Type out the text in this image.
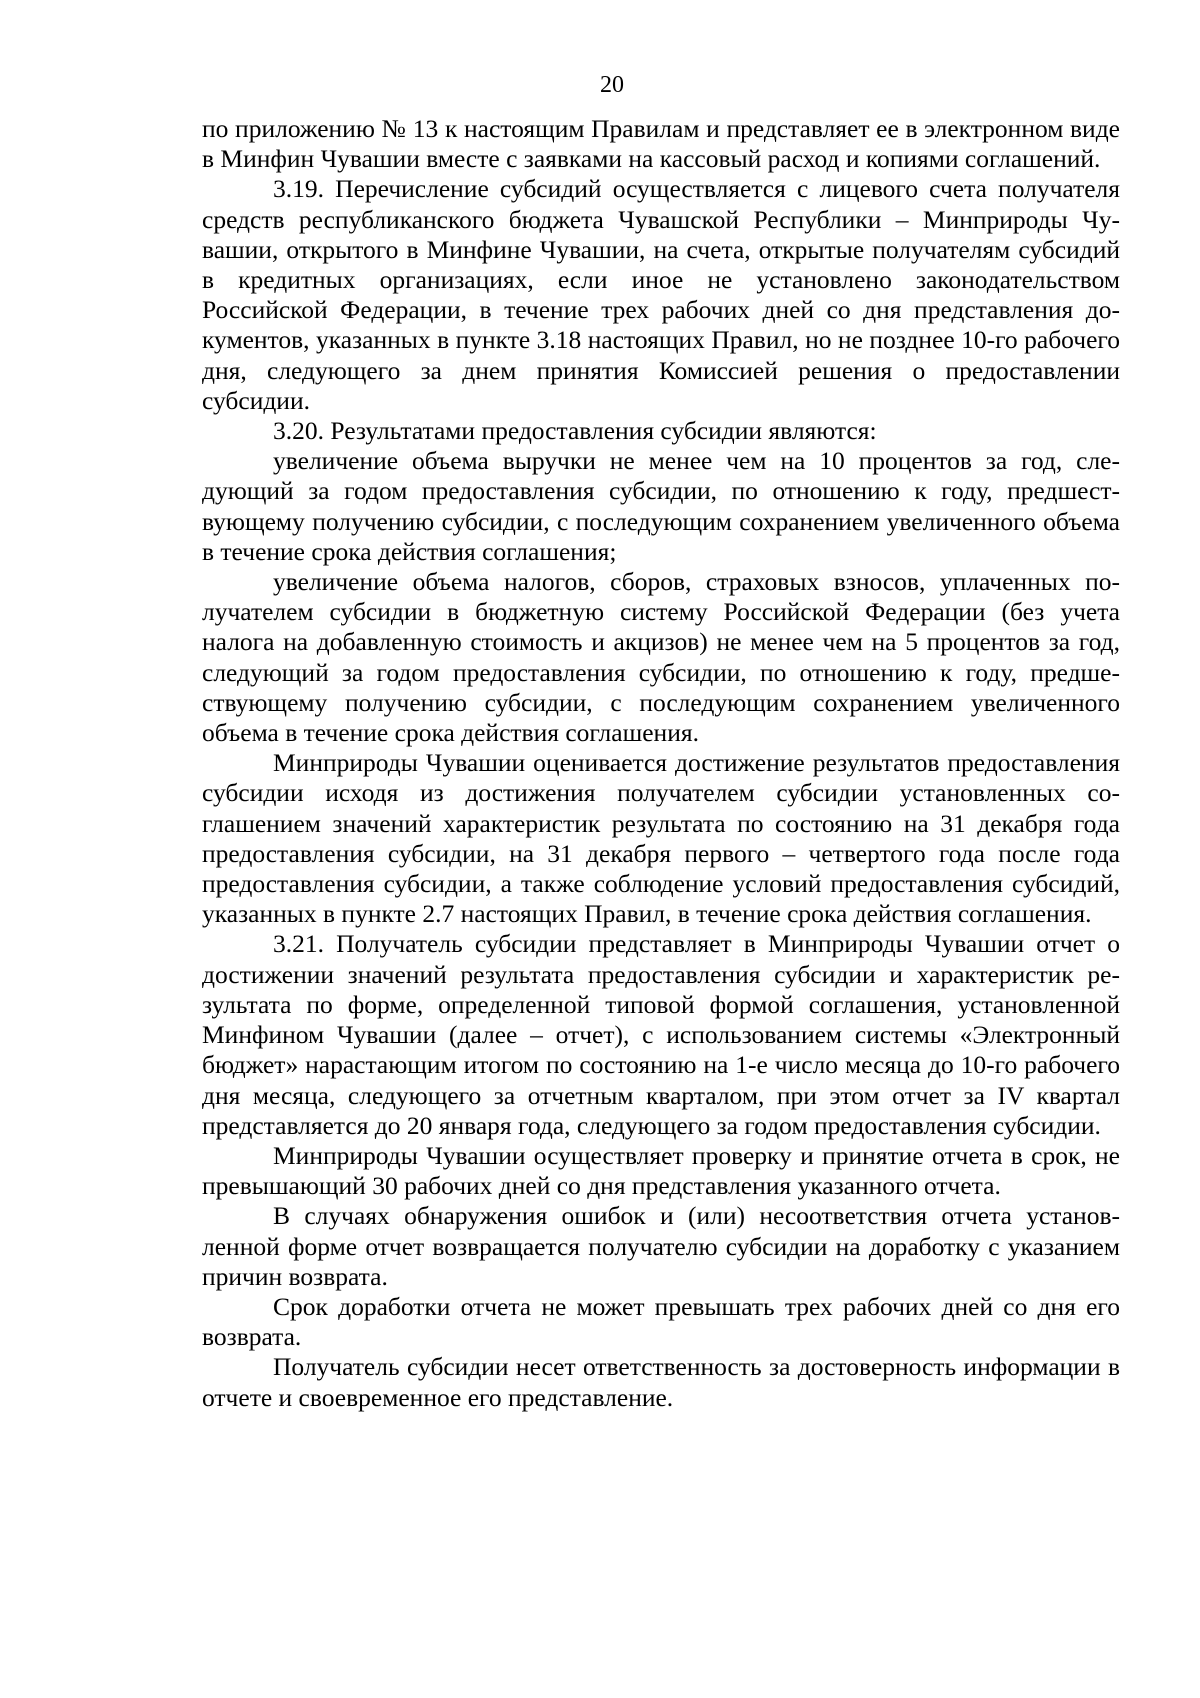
20

по приложению № 13 к настоящим Правилам и представляет ее в электронном виде в Минфин Чувашии вместе с заявками на кассовый расход и копиями соглашений.

3.19. Перечисление субсидий осуществляется с лицевого счета получателя средств республиканского бюджета Чувашской Республики – Минприроды Чувашии, открытого в Минфине Чувашии, на счета, открытые получателям субсидий в кредитных организациях, если иное не установлено законодательством Российской Федерации, в течение трех рабочих дней со дня представления документов, указанных в пункте 3.18 настоящих Правил, но не позднее 10-го рабочего дня, следующего за днем принятия Комиссией решения о предоставлении субсидии.

3.20. Результатами предоставления субсидии являются:

увеличение объема выручки не менее чем на 10 процентов за год, следующий за годом предоставления субсидии, по отношению к году, предшествующему получению субсидии, с последующим сохранением увеличенного объема в течение срока действия соглашения;

увеличение объема налогов, сборов, страховых взносов, уплаченных получателем субсидии в бюджетную систему Российской Федерации (без учета налога на добавленную стоимость и акцизов) не менее чем на 5 процентов за год, следующий за годом предоставления субсидии, по отношению к году, предшествующему получению субсидии, с последующим сохранением увеличенного объема в течение срока действия соглашения.

Минприроды Чувашии оценивается достижение результатов предоставления субсидии исходя из достижения получателем субсидии установленных соглашением значений характеристик результата по состоянию на 31 декабря года предоставления субсидии, на 31 декабря первого – четвертого года после года предоставления субсидии, а также соблюдение условий предоставления субсидий, указанных в пункте 2.7 настоящих Правил, в течение срока действия соглашения.

3.21. Получатель субсидии представляет в Минприроды Чувашии отчет о достижении значений результата предоставления субсидии и характеристик результата по форме, определенной типовой формой соглашения, установленной Минфином Чувашии (далее – отчет), с использованием системы «Электронный бюджет» нарастающим итогом по состоянию на 1-е число месяца до 10-го рабочего дня месяца, следующего за отчетным кварталом, при этом отчет за IV квартал представляется до 20 января года, следующего за годом предоставления субсидии.

Минприроды Чувашии осуществляет проверку и принятие отчета в срок, не превышающий 30 рабочих дней со дня представления указанного отчета.

В случаях обнаружения ошибок и (или) несоответствия отчета установленной форме отчет возвращается получателю субсидии на доработку с указанием причин возврата.

Срок доработки отчета не может превышать трех рабочих дней со дня его возврата.

Получатель субсидии несет ответственность за достоверность информации в отчете и своевременное его представление.
